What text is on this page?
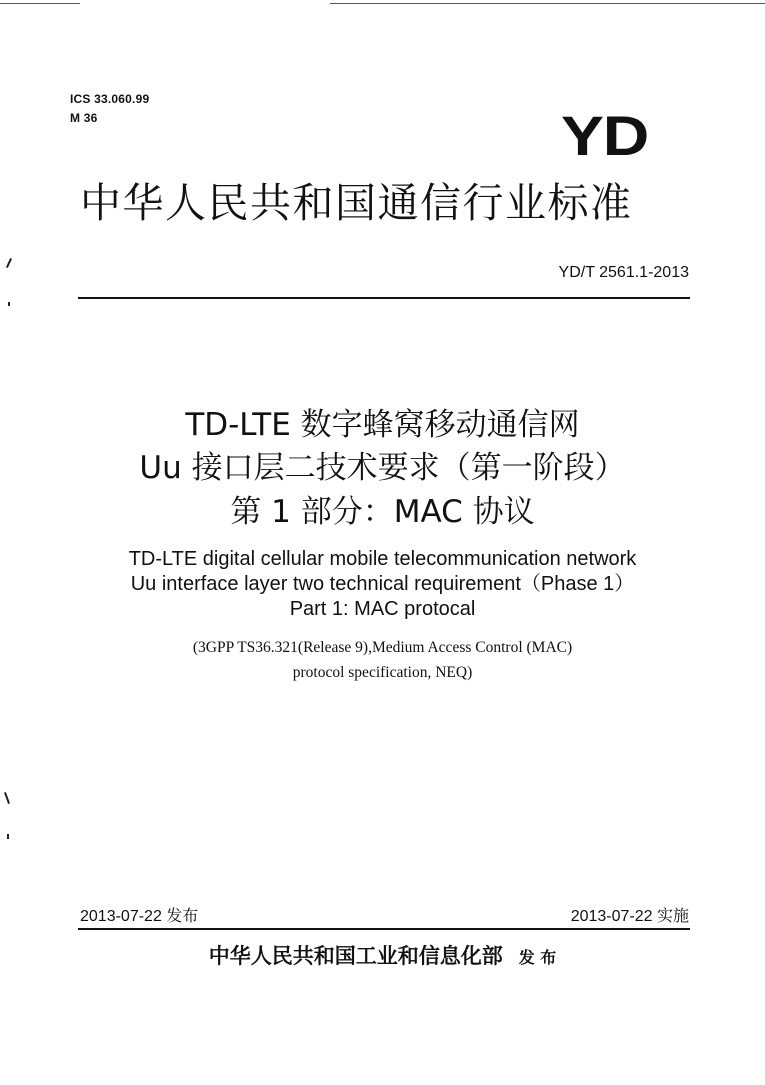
ICS 33.060.99
M 36	YD
中华人民共和国通信行业标准
YD/T 2561.1-2013
TD-LTE 数字蜂窝移动通信网
Uu 接口层二技术要求（第一阶段）
第 1 部分：MAC 协议
TD-LTE digital cellular mobile telecommunication network
Uu interface layer two technical requirement（Phase 1）
Part 1: MAC protocal
(3GPP TS36.321(Release 9),Medium Access Control (MAC)
protocol specification, NEQ)
2013-07-22 发布	2013-07-22 实施
中华人民共和国工业和信息化部 发 布
